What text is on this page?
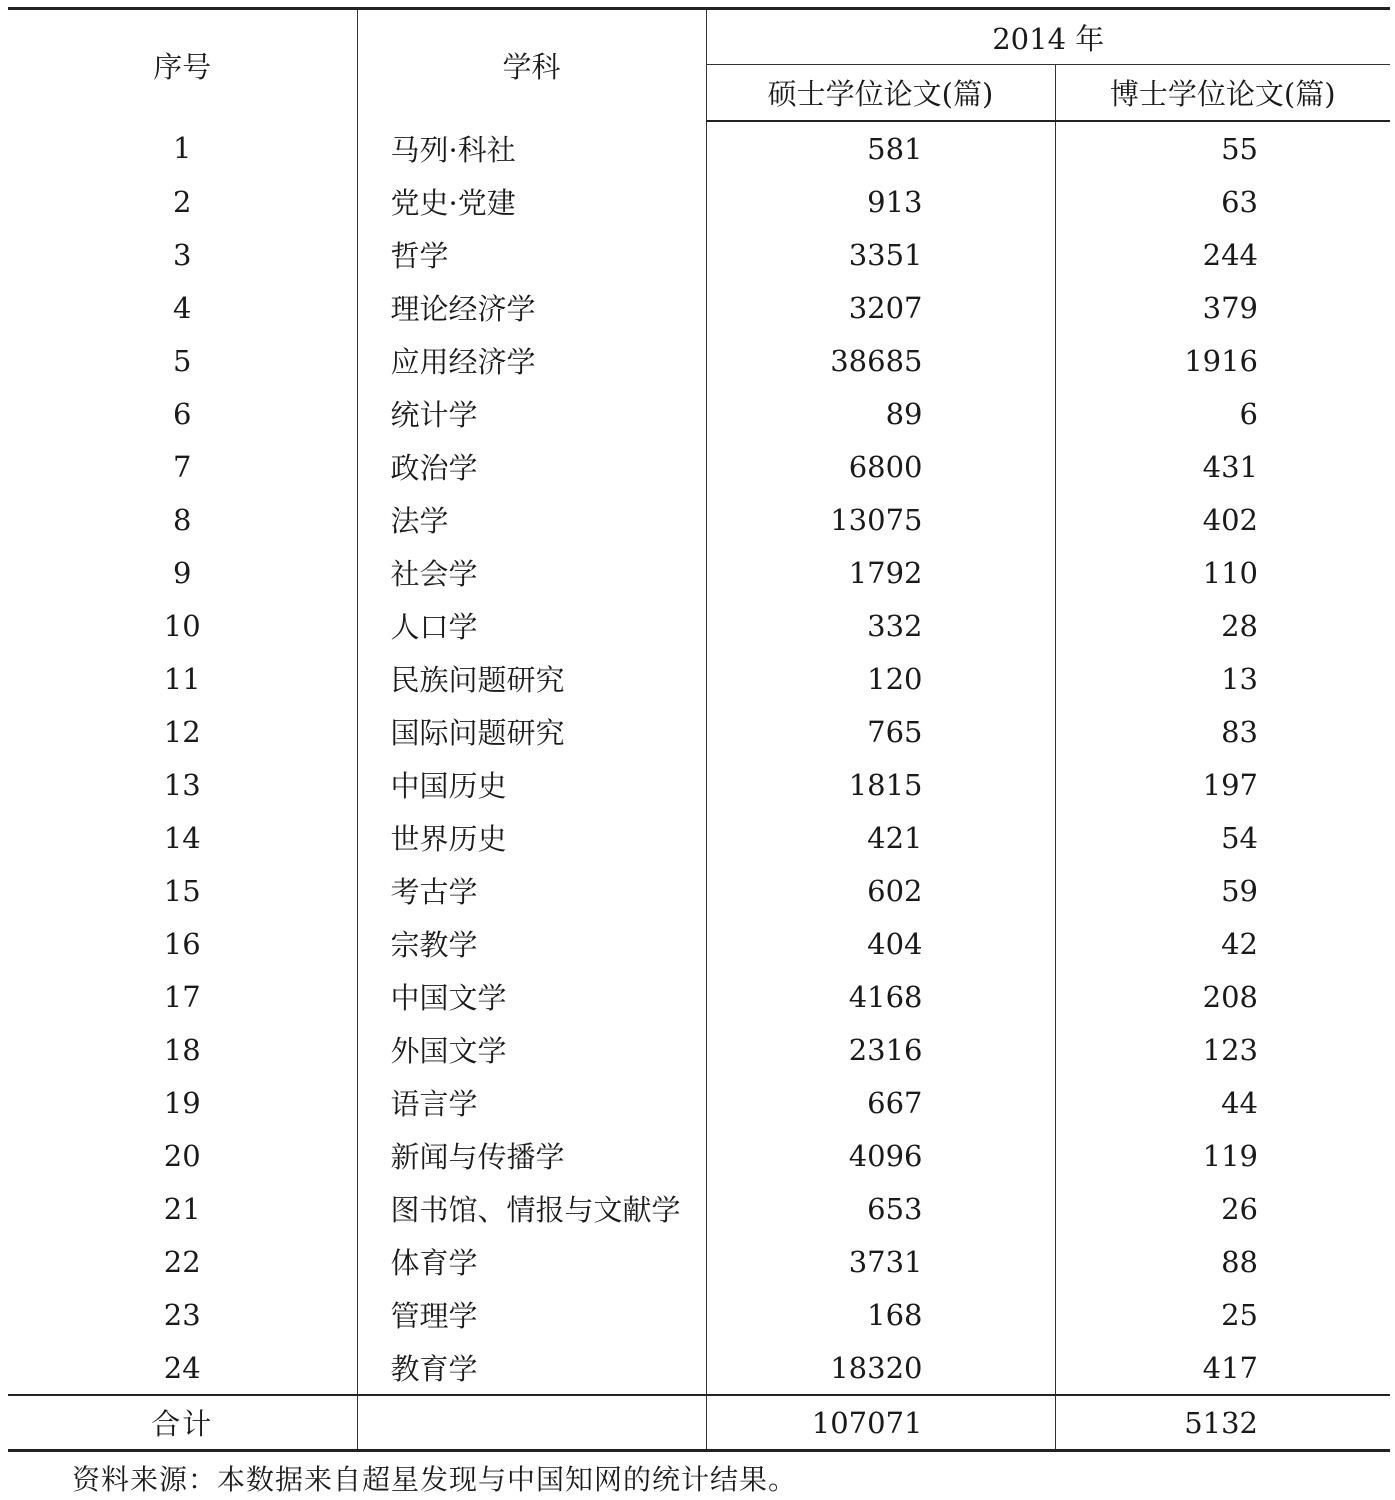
序号	学科	2014 年	
		硕士学位论文(篇)	博士学位论文(篇)
1	马列·科社	581	55
2	党史·党建	913	63
3	哲学	3351	244
4	理论经济学	3207	379
5	应用经济学	38685	1916
6	统计学	89	6
7	政治学	6800	431
8	法学	13075	402
9	社会学	1792	110
10	人口学	332	28
11	民族问题研究	120	13
12	国际问题研究	765	83
13	中国历史	1815	197
14	世界历史	421	54
15	考古学	602	59
16	宗教学	404	42
17	中国文学	4168	208
18	外国文学	2316	123
19	语言学	667	44
20	新闻与传播学	4096	119
21	图书馆、情报与文献学	653	26
22	体育学	3731	88
23	管理学	168	25
24	教育学	18320	417
合计		107071	5132
资料来源：本数据来自超星发现与中国知网的统计结果。
